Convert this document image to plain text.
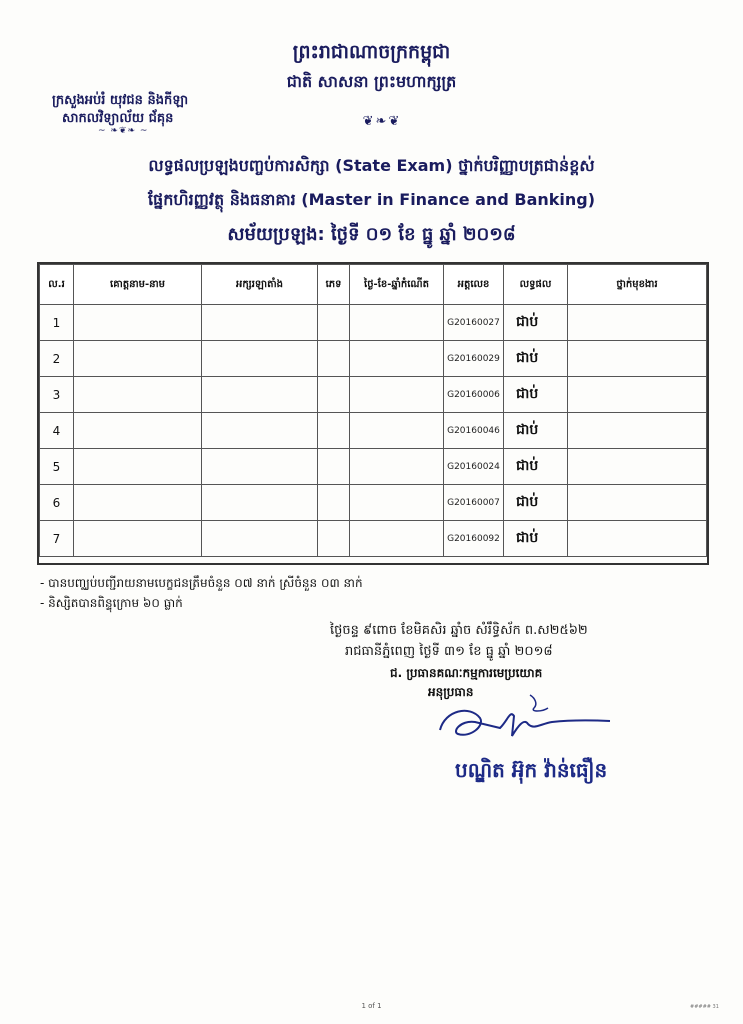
ព្រះរាជាណាចក្រកម្ពុជា
ជាតិ សាសនា ព្រះមហាក្សត្រ
❦❧❦
ក្រសួងអប់រំ យុវជន និងកីឡា
សាកលវិទ្យាល័យ ជ័គុន
~ ❧❦❧ ~
លទ្ធផលប្រឡងបញ្ចប់ការសិក្សា (State Exam) ថ្នាក់បរិញ្ញាបត្រជាន់ខ្ពស់
ផ្នែកហិរញ្ញវត្ថុ និងធនាគារ (Master in Finance and Banking)
សម័យប្រឡង: ថ្ងៃទី ០១ ខែ ធ្នូ ឆ្នាំ ២០១៨
ល.រ	គោត្តនាម-នាម	អក្សរឡាតាំង	ភេទ	ថ្ងៃ-ខែ-ឆ្នាំកំណើត	អត្តលេខ	លទ្ធផល	ថ្នាក់មុខងារ
1					G20160027	ជាប់	
2					G20160029	ជាប់	
3					G20160006	ជាប់	
4					G20160046	ជាប់	
5					G20160024	ជាប់	
6					G20160007	ជាប់	
7					G20160092	ជាប់	
- បានបញ្ឈប់បញ្ជីរាយនាមបេក្ខជនត្រឹមចំនួន ០៧ នាក់ ស្រីចំនួន ០៣ នាក់
- និស្សិតបានពិន្ទុក្រោម ៦០ ធ្លាក់
ថ្ងៃចន្ទ ៩ពោច ខែមិគសិរ ឆ្នាំច សំរឹទ្ធិស័ក ព.ស២៥៦២
រាជធានីភ្នំពេញ ថ្ងៃទី ៣១ ខែ ធ្នូ ឆ្នាំ ២០១៨
ជ. ប្រធានគណៈកម្មការមេប្រយោគ
អនុប្រធាន
បណ្ឌិត អ៊ុក វ៉ាន់ធឿន
1 of 1	##### 31
